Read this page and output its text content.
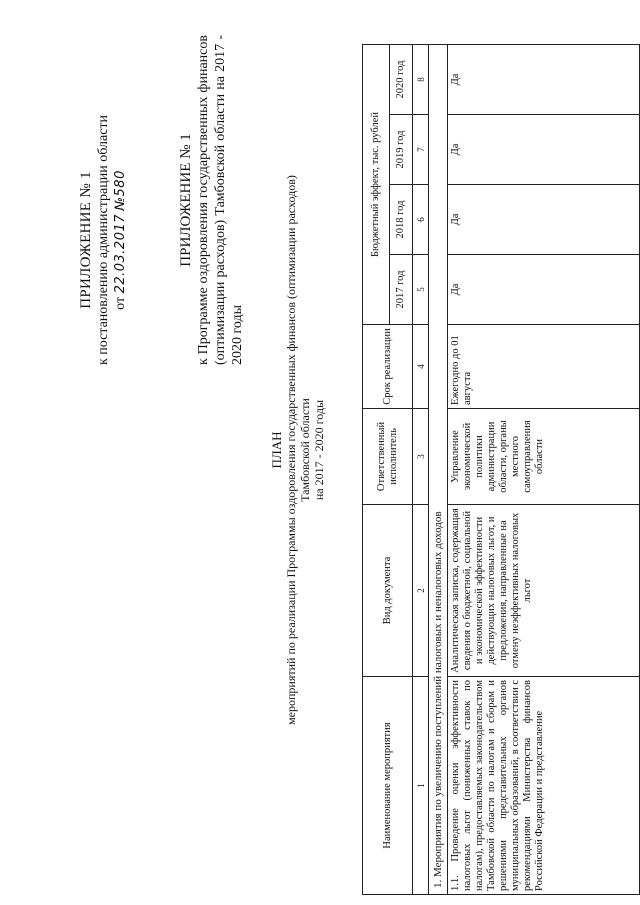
ПРИЛОЖЕНИЕ № 1 к постановлению администрации области от 22.03.2017 №580	ПРИЛОЖЕНИЕ № 1 к Программе оздоровления государственных финансов (оптимизации расходов) Тамбовской области на 2017 - 2020 годы
ПЛАН мероприятий по реализации Программы оздоровления государственных финансов (оптимизации расходов) Тамбовской области на 2017 - 2020 годы
Наименование мероприятия	Вид документа	Ответственный исполнитель	Срок реализации	Бюджетный эффект, тыс. рублей			
				2017 год	2018 год	2019 год	2020 год
1	2	3	4	5	6	7	8
1. Мероприятия по увеличению поступлений налоговых и неналоговых доходов							
1.1. Проведение оценки эффективности налоговых льгот (пониженных ставок по налогам), предоставляемых законодательством Тамбовской области по налогам и сборам и решениями представительных органов муниципальных образований, в соответствии с рекомендациями Министерства финансов Российской Федерации и представление	Аналитическая записка, содержащая сведения о бюджетной, социальной и экономической эффективности действующих налоговых льгот, и предложения, направленные на отмену неэффективных налоговых льгот	Управление экономической политики администрации области, органы местного самоуправления области	Ежегодно до 01 августа	Да	Да	Да	Да
